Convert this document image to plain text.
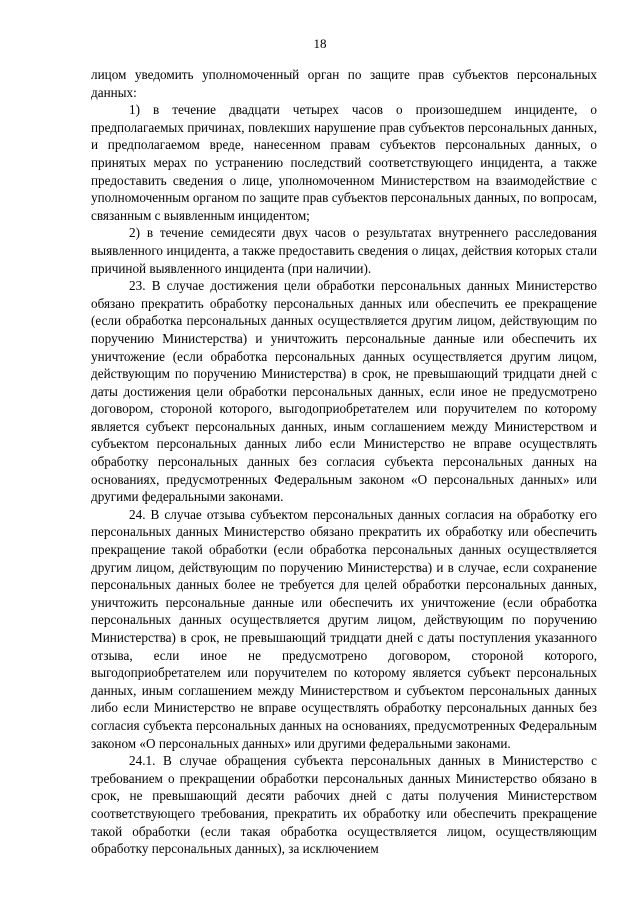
18

лицом уведомить уполномоченный орган по защите прав субъектов персональных данных:

1) в течение двадцати четырех часов о произошедшем инциденте, о предполагаемых причинах, повлекших нарушение прав субъектов персональных данных, и предполагаемом вреде, нанесенном правам субъектов персональных данных, о принятых мерах по устранению последствий соответствующего инцидента, а также предоставить сведения о лице, уполномоченном Министерством на взаимодействие с уполномоченным органом по защите прав субъектов персональных данных, по вопросам, связанным с выявленным инцидентом;

2) в течение семидесяти двух часов о результатах внутреннего расследования выявленного инцидента, а также предоставить сведения о лицах, действия которых стали причиной выявленного инцидента (при наличии).

23. В случае достижения цели обработки персональных данных Министерство обязано прекратить обработку персональных данных или обеспечить ее прекращение (если обработка персональных данных осуществляется другим лицом, действующим по поручению Министерства) и уничтожить персональные данные или обеспечить их уничтожение (если обработка персональных данных осуществляется другим лицом, действующим по поручению Министерства) в срок, не превышающий тридцати дней с даты достижения цели обработки персональных данных, если иное не предусмотрено договором, стороной которого, выгодоприобретателем или поручителем по которому является субъект персональных данных, иным соглашением между Министерством и субъектом персональных данных либо если Министерство не вправе осуществлять обработку персональных данных без согласия субъекта персональных данных на основаниях, предусмотренных Федеральным законом «О персональных данных» или другими федеральными законами.

24. В случае отзыва субъектом персональных данных согласия на обработку его персональных данных Министерство обязано прекратить их обработку или обеспечить прекращение такой обработки (если обработка персональных данных осуществляется другим лицом, действующим по поручению Министерства) и в случае, если сохранение персональных данных более не требуется для целей обработки персональных данных, уничтожить персональные данные или обеспечить их уничтожение (если обработка персональных данных осуществляется другим лицом, действующим по поручению Министерства) в срок, не превышающий тридцати дней с даты поступления указанного отзыва, если иное не предусмотрено договором, стороной которого, выгодоприобретателем или поручителем по которому является субъект персональных данных, иным соглашением между Министерством и субъектом персональных данных либо если Министерство не вправе осуществлять обработку персональных данных без согласия субъекта персональных данных на основаниях, предусмотренных Федеральным законом «О персональных данных» или другими федеральными законами.

24.1. В случае обращения субъекта персональных данных в Министерство с требованием о прекращении обработки персональных данных Министерство обязано в срок, не превышающий десяти рабочих дней с даты получения Министерством соответствующего требования, прекратить их обработку или обеспечить прекращение такой обработки (если такая обработка осуществляется лицом, осуществляющим обработку персональных данных), за исключением
